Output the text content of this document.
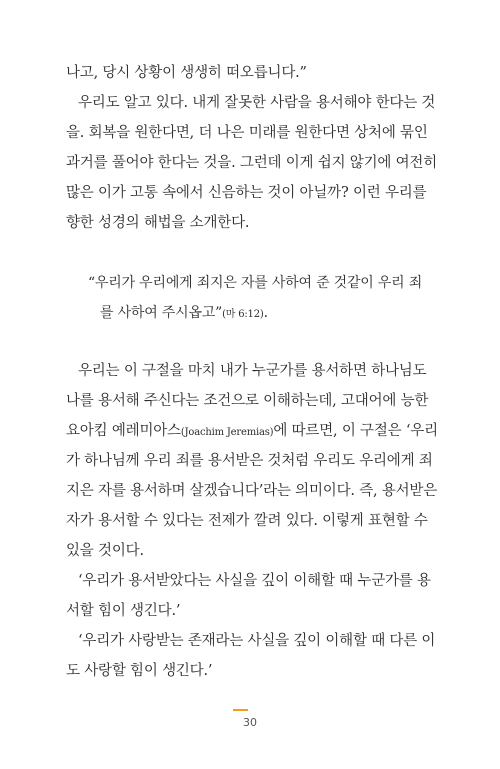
나고, 당시 상황이 생생히 떠오릅니다.”
우리도 알고 있다. 내게 잘못한 사람을 용서해야 한다는 것
을. 회복을 원한다면, 더 나은 미래를 원한다면 상처에 묶인
과거를 풀어야 한다는 것을. 그런데 이게 쉽지 않기에 여전히
많은 이가 고통 속에서 신음하는 것이 아닐까? 이런 우리를
향한 성경의 해법을 소개한다.
“우리가 우리에게 죄지은 자를 사하여 준 것같이 우리 죄
를 사하여 주시옵고”(마 6:12).
우리는 이 구절을 마치 내가 누군가를 용서하면 하나님도
나를 용서해 주신다는 조건으로 이해하는데, 고대어에 능한
요아킴 예레미아스(Joachim Jeremias)에 따르면, 이 구절은 ‘우리
가 하나님께 우리 죄를 용서받은 것처럼 우리도 우리에게 죄
지은 자를 용서하며 살겠습니다’라는 의미이다. 즉, 용서받은
자가 용서할 수 있다는 전제가 깔려 있다. 이렇게 표현할 수
있을 것이다.
‘우리가 용서받았다는 사실을 깊이 이해할 때 누군가를 용
서할 힘이 생긴다.’
‘우리가 사랑받는 존재라는 사실을 깊이 이해할 때 다른 이
도 사랑할 힘이 생긴다.’
30
